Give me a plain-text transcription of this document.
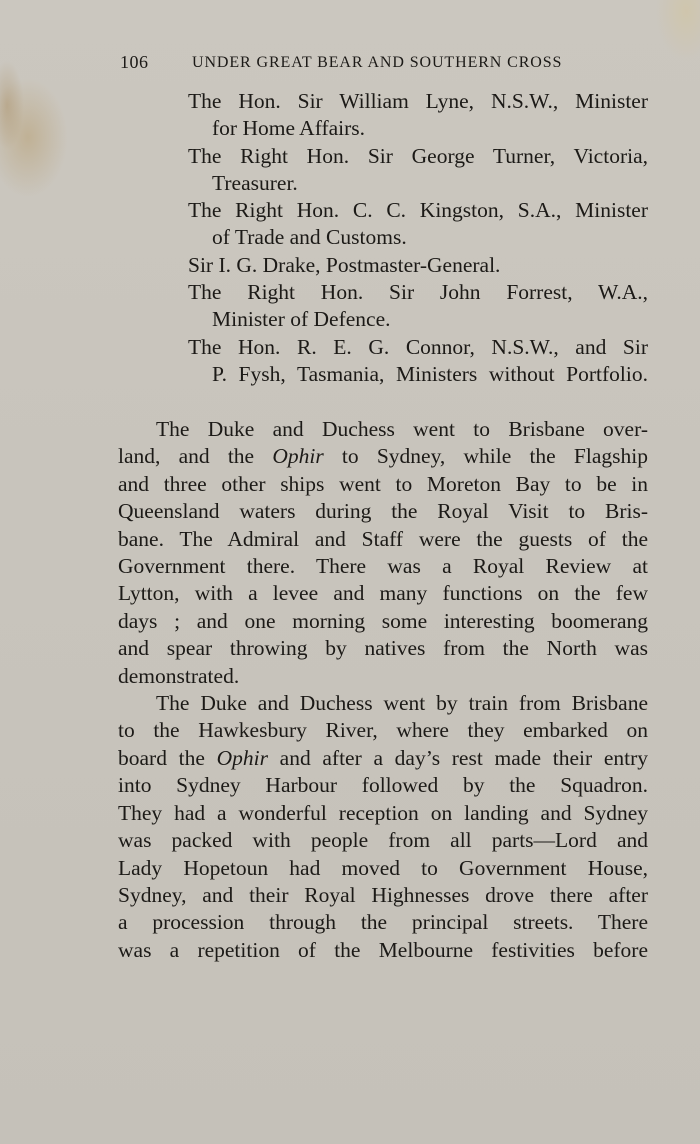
106	UNDER GREAT BEAR AND SOUTHERN CROSS

The Hon. Sir William Lyne, N.S.W., Minister
for Home Affairs.

The Right Hon. Sir George Turner, Victoria,
Treasurer.

The Right Hon. C. C. Kingston, S.A., Minister
of Trade and Customs.

Sir I. G. Drake, Postmaster-General.

The Right Hon. Sir John Forrest, W.A.,
Minister of Defence.

The Hon. R. E. G. Connor, N.S.W., and Sir
P. Fysh, Tasmania, Ministers without Portfolio.

The Duke and Duchess went to Brisbane over-
land, and the Ophir to Sydney, while the Flagship
and three other ships went to Moreton Bay to be in
Queensland waters during the Royal Visit to Bris-
bane. The Admiral and Staff were the guests of the
Government there. There was a Royal Review at
Lytton, with a levee and many functions on the few
days ; and one morning some interesting boomerang
and spear throwing by natives from the North was
demonstrated.

The Duke and Duchess went by train from Brisbane
to the Hawkesbury River, where they embarked on
board the Ophir and after a day’s rest made their entry
into Sydney Harbour followed by the Squadron.
They had a wonderful reception on landing and Sydney
was packed with people from all parts—Lord and
Lady Hopetoun had moved to Government House,
Sydney, and their Royal Highnesses drove there after
a procession through the principal streets. There
was a repetition of the Melbourne festivities before
